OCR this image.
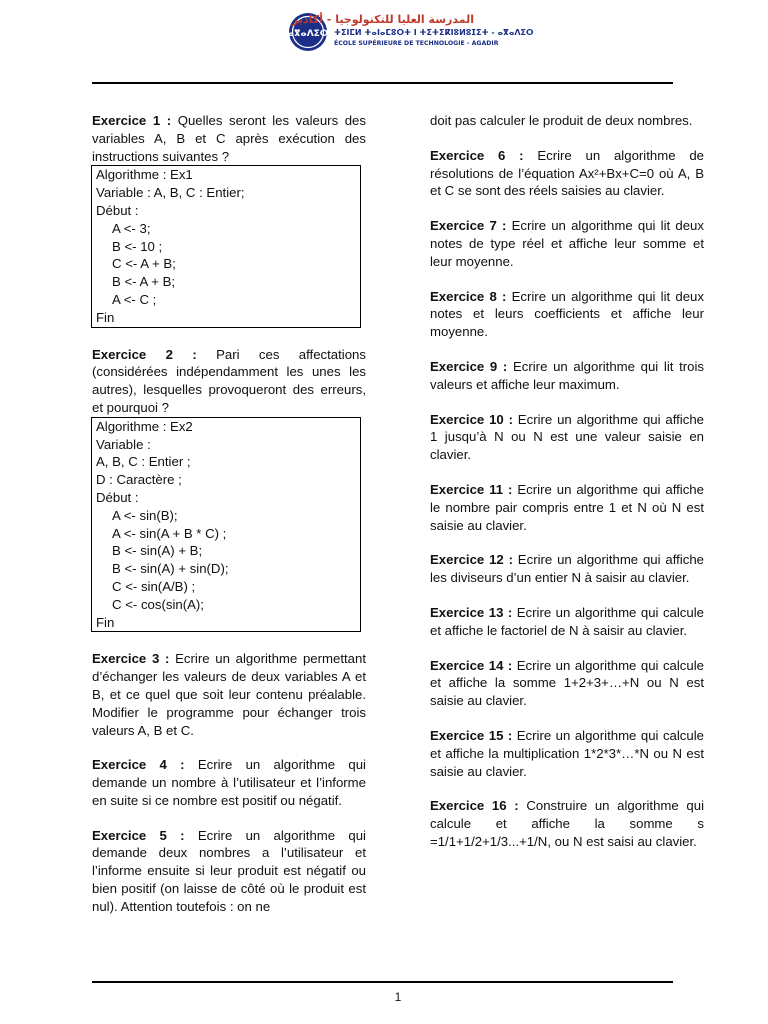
ⴰⴳⴰⴷⵉⵔ
المدرسة العليا للتكنولوجيا - أكادير
ⵜⵉⵏⵎⵍ ⵜⴰⵏⴰⵎⵓⵔⵜ ⵏ ⵜⵉⵜⵉⴽⵏⵓⵍⵓⵊⵉⵜ - ⴰⴳⴰⴷⵉⵔ
ÉCOLE SUPÉRIEURE DE TECHNOLOGIE - AGADIR

Exercice 1 : Quelles seront les valeurs des variables A, B et C après exécution des instructions suivantes ?

Algorithme : Ex1
Variable : A, B, C : Entier;
Début :
A <- 3;
B <- 10 ;
C <- A + B;
B <- A + B;
A <- C ;
Fin

Exercice 2 : Pari ces affectations (considérées indépendamment les unes les autres), lesquelles provoqueront des erreurs, et pourquoi ?

Algorithme : Ex2
Variable :
A, B, C : Entier ;
D : Caractère ;
Début :
A <- sin(B);
A <- sin(A + B * C) ;
B <- sin(A) + B;
B <- sin(A) + sin(D);
C <- sin(A/B) ;
C <- cos(sin(A);
Fin

Exercice 3 : Ecrire un algorithme permettant d’échanger les valeurs de deux variables A et B, et ce quel que soit leur contenu préalable. Modifier le programme pour échanger trois valeurs A, B et C.

Exercice 4 : Ecrire un algorithme qui demande un nombre à l’utilisateur et l’informe en suite si ce nombre est positif ou négatif.

Exercice 5 : Ecrire un algorithme qui demande deux nombres a l’utilisateur et l’informe ensuite si leur produit est négatif ou bien positif (on laisse de côté où le produit est nul). Attention toutefois : on ne

doit pas calculer le produit de deux nombres.

Exercice 6 : Ecrire un algorithme de résolutions de l’équation Ax²+Bx+C=0 où A, B et C se sont des réels saisies au clavier.

Exercice 7 : Ecrire un algorithme qui lit deux notes de type réel et affiche leur somme et leur moyenne.

Exercice 8 : Ecrire un algorithme qui lit deux notes et leurs coefficients et affiche leur moyenne.

Exercice 9 : Ecrire un algorithme qui lit trois valeurs et affiche leur maximum.

Exercice 10 : Ecrire un algorithme qui affiche 1 jusqu’à N ou N est une valeur saisie en clavier.

Exercice 11 : Ecrire un algorithme qui affiche le nombre pair compris entre 1 et N où N est saisie au clavier.

Exercice 12 : Ecrire un algorithme qui affiche les diviseurs d’un entier N à saisir au clavier.

Exercice 13 : Ecrire un algorithme qui calcule et affiche le factoriel de N à saisir au clavier.

Exercice 14 : Ecrire un algorithme qui calcule et affiche la somme 1+2+3+…+N ou N est saisie au clavier.

Exercice 15 : Ecrire un algorithme qui calcule et affiche la multiplication 1*2*3*…*N ou N est saisie au clavier.

Exercice 16 : Construire un algorithme qui calcule et affiche la somme s =1/1+1/2+1/3...+1/N, ou N est saisi au clavier.

1
